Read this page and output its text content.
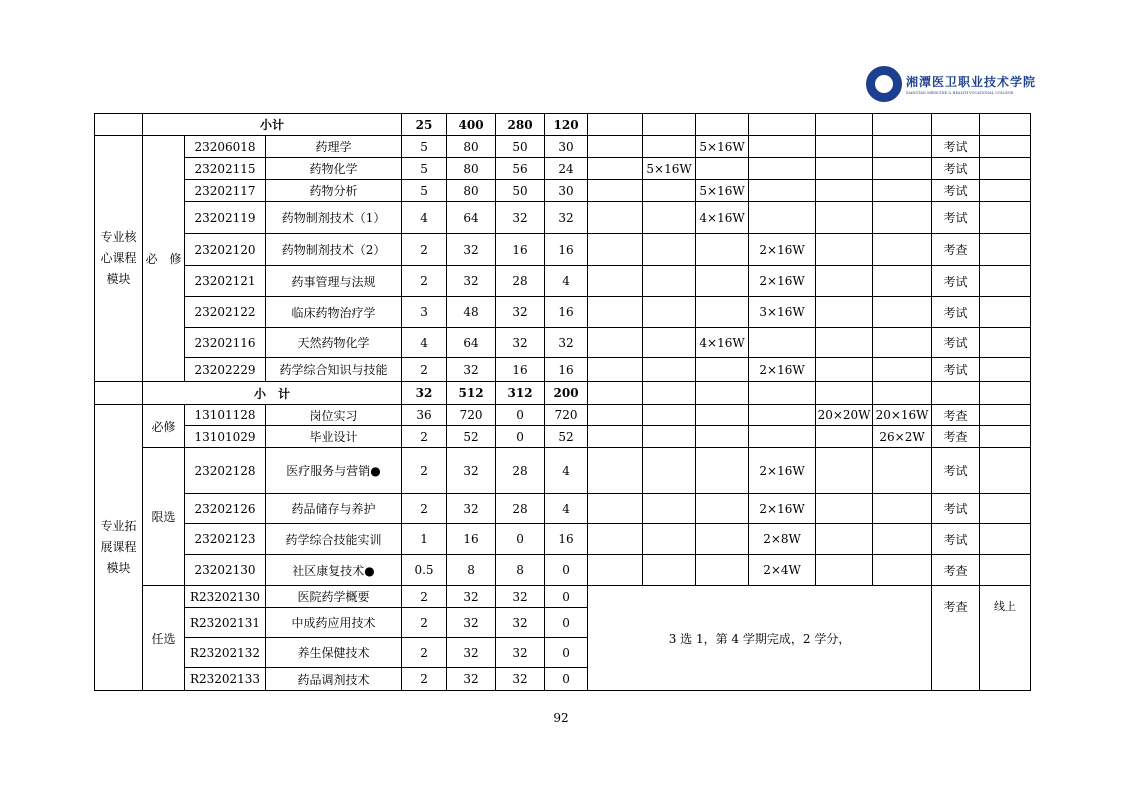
湘潭医卫职业技术学院
XIANGTAN MEDICINE & HEALTH VOCATIONAL COLLEGE
	小计			25	400	280	120								
专业核心课程模块	必　修	23206018	药理学	5	80	50	30			5×16W				考试	
		23202115	药物化学	5	80	56	24		5×16W					考试	
		23202117	药物分析	5	80	50	30			5×16W				考试	
		23202119	药物制剂技术（1）	4	64	32	32			4×16W				考试	
		23202120	药物制剂技术（2）	2	32	16	16				2×16W			考查	
		23202121	药事管理与法规	2	32	28	4				2×16W			考试	
		23202122	临床药物治疗学	3	48	32	16				3×16W			考试	
		23202116	天然药物化学	4	64	32	32			4×16W				考试	
		23202229	药学综合知识与技能	2	32	16	16				2×16W			考试	
	小　计			32	512	312	200								
专业拓展课程模块	必修	13101128	岗位实习	36	720	0	720					20×20W	20×16W	考查	
		13101029	毕业设计	2	52	0	52						26×2W	考查	
	限选	23202128	医疗服务与营销●	2	32	28	4				2×16W			考试	
		23202126	药品储存与养护	2	32	28	4				2×16W			考试	
		23202123	药学综合技能实训	1	16	0	16				2×8W			考试	
		23202130	社区康复技术●	0.5	8	8	0				2×4W			考查	
	任选	R23202130	医院药学概要	2	32	32	0	3 选 1，第 4 学期完成，2 学分，						考查	线上
		R23202131	中成药应用技术	2	32	32	0								
		R23202132	养生保健技术	2	32	32	0								
		R23202133	药品调剂技术	2	32	32	0								
92
